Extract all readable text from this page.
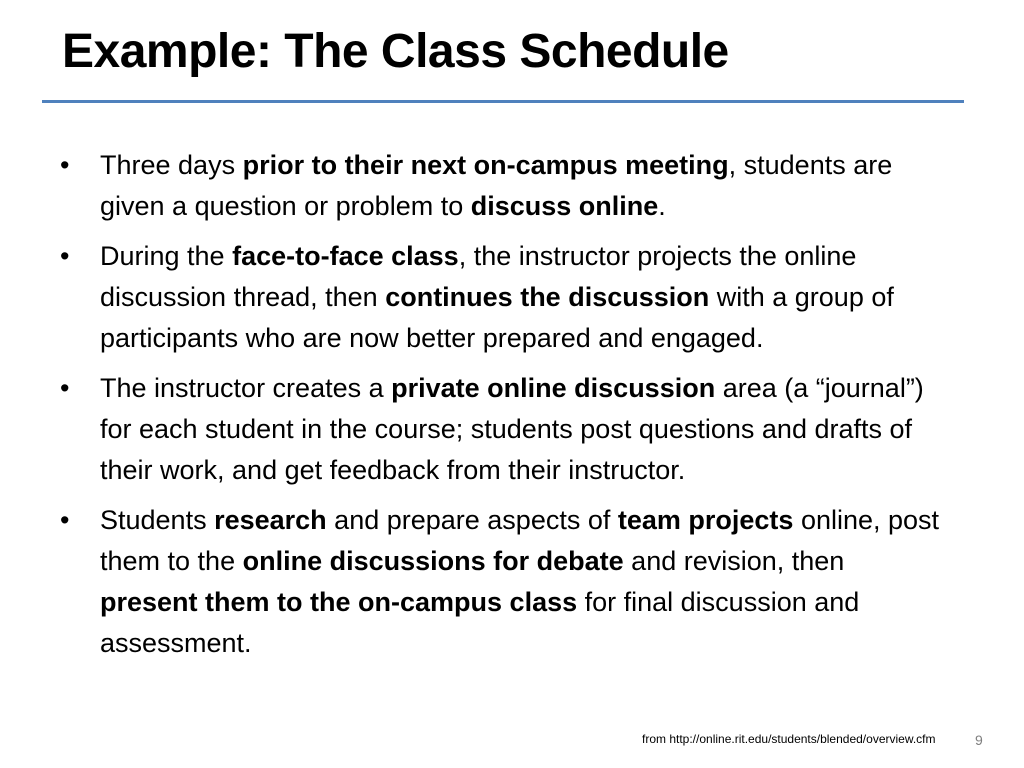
Example: The Class Schedule
•	Three days prior to their next on-campus meeting, students are given a question or problem to discuss online.
•	During the face-to-face class, the instructor projects the online discussion thread, then continues the discussion with a group of participants who are now better prepared and engaged.
•	The instructor creates a private online discussion area (a “journal”) for each student in the course; students post questions and drafts of their work, and get feedback from their instructor.
•	Students research and prepare aspects of team projects online, post them to the online discussions for debate and revision, then present them to the on-campus class for final discussion and assessment.
from http://online.rit.edu/students/blended/overview.cfm	9
